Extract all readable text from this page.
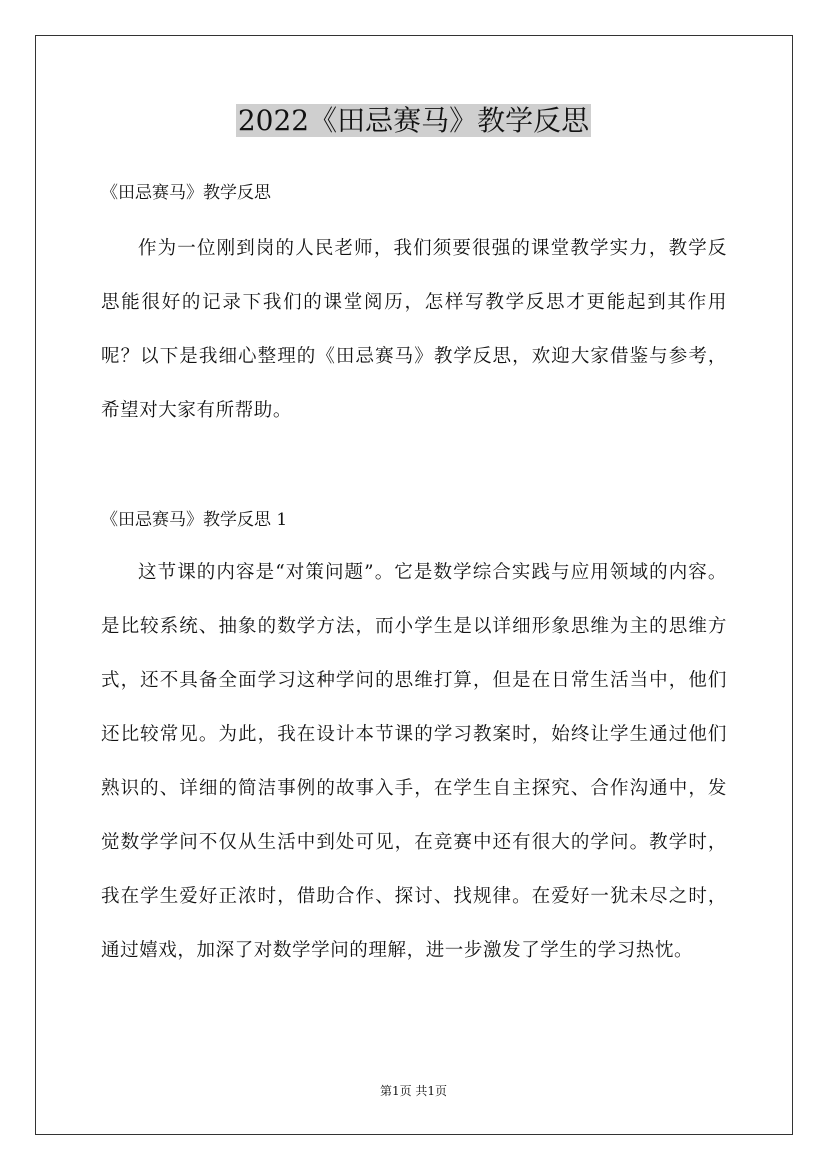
2022《田忌赛马》教学反思

《田忌赛马》教学反思

作为一位刚到岗的人民老师，我们须要很强的课堂教学实力，教学反思能很好的记录下我们的课堂阅历，怎样写教学反思才更能起到其作用呢？以下是我细心整理的《田忌赛马》教学反思，欢迎大家借鉴与参考，希望对大家有所帮助。

《田忌赛马》教学反思 1

这节课的内容是“对策问题”。它是数学综合实践与应用领域的内容。是比较系统、抽象的数学方法，而小学生是以详细形象思维为主的思维方式，还不具备全面学习这种学问的思维打算，但是在日常生活当中，他们还比较常见。为此，我在设计本节课的学习教案时，始终让学生通过他们熟识的、详细的简洁事例的故事入手，在学生自主探究、合作沟通中，发觉数学学问不仅从生活中到处可见，在竞赛中还有很大的学问。教学时，我在学生爱好正浓时，借助合作、探讨、找规律。在爱好一犹未尽之时，通过嬉戏，加深了对数学学问的理解，进一步激发了学生的学习热忱。

第1页 共1页
